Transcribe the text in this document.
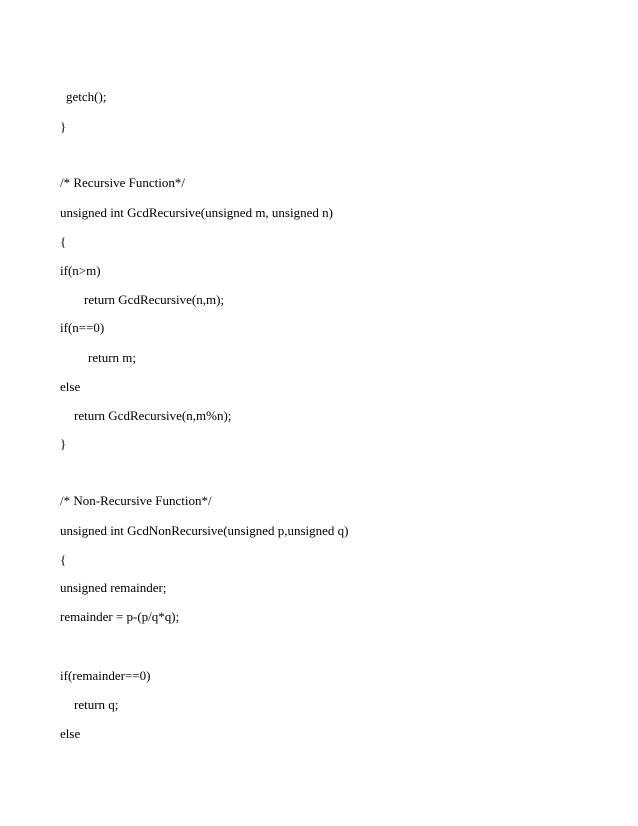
getch();
}
/* Recursive Function*/
unsigned int GcdRecursive(unsigned m, unsigned n)
{
if(n>m)
return GcdRecursive(n,m);
if(n==0)
return m;
else
return GcdRecursive(n,m%n);
}
/* Non-Recursive Function*/
unsigned int GcdNonRecursive(unsigned p,unsigned q)
{
unsigned remainder;
remainder = p-(p/q*q);
if(remainder==0)
return q;
else
